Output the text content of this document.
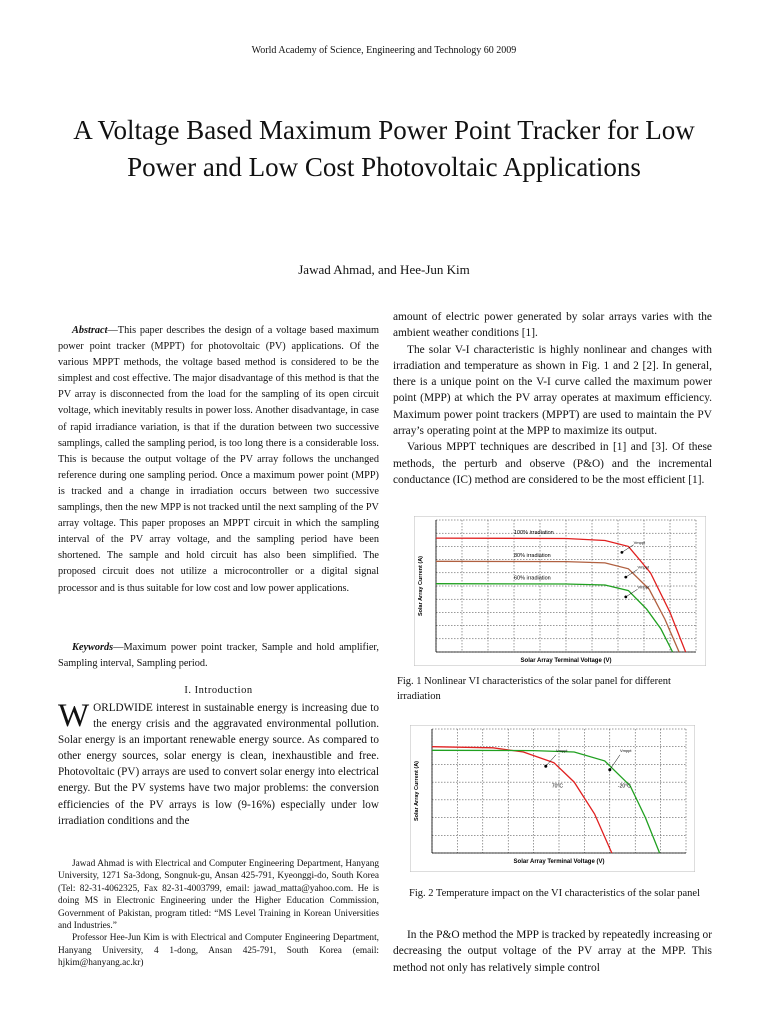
World Academy of Science, Engineering and Technology 60 2009
A Voltage Based Maximum Power Point Tracker for Low Power and Low Cost Photovoltaic Applications
Jawad Ahmad, and Hee-Jun Kim

Abstract—This paper describes the design of a voltage based maximum power point tracker (MPPT) for photovoltaic (PV) applications. Of the various MPPT methods, the voltage based method is considered to be the simplest and cost effective. The major disadvantage of this method is that the PV array is disconnected from the load for the sampling of its open circuit voltage, which inevitably results in power loss. Another disadvantage, in case of rapid irradiance variation, is that if the duration between two successive samplings, called the sampling period, is too long there is a considerable loss. This is because the output voltage of the PV array follows the unchanged reference during one sampling period. Once a maximum power point (MPP) is tracked and a change in irradiation occurs between two successive samplings, then the new MPP is not tracked until the next sampling of the PV array voltage. This paper proposes an MPPT circuit in which the sampling interval of the PV array voltage, and the sampling period have been shortened. The sample and hold circuit has also been simplified. The proposed circuit does not utilize a microcontroller or a digital signal processor and is thus suitable for low cost and low power applications.

Keywords—Maximum power point tracker, Sample and hold amplifier, Sampling interval, Sampling period.

I. Introduction

WORLDWIDE interest in sustainable energy is increasing due to the energy crisis and the aggravated environmental pollution. Solar energy is an important renewable energy source. As compared to other energy sources, solar energy is clean, inexhaustible and free. Photovoltaic (PV) arrays are used to convert solar energy into electrical energy. But the PV systems have two major problems: the conversion efficiencies of the PV arrays is low (9-16%) especially under low irradiation conditions and the

Jawad Ahmad is with Electrical and Computer Engineering Department, Hanyang University, 1271 Sa-3dong, Songnuk-gu, Ansan 425-791, Kyeonggi-do, South Korea (Tel: 82-31-4062325, Fax 82-31-4003799, email: jawad_matta@yahoo.com. He is doing MS in Electronic Engineering under the Higher Education Commission, Government of Pakistan, program titled: “MS Level Training in Korean Universities and Industries.”

Professor Hee-Jun Kim is with Electrical and Computer Engineering Department, Hanyang University, 4 1-dong, Ansan 425-791, South Korea (email: hjkim@hanyang.ac.kr)

amount of electric power generated by solar arrays varies with the ambient weather conditions [1].

The solar V-I characteristic is highly nonlinear and changes with irradiation and temperature as shown in Fig. 1 and 2 [2]. In general, there is a unique point on the V-I curve called the maximum power point (MPP) at which the PV array operates at maximum efficiency. Maximum power point trackers (MPPT) are used to maintain the PV array’s operating point at the MPP to maximize its output.

Various MPPT techniques are described in [1] and [3]. Of these methods, the perturb and observe (P&O) and the incremental conductance (IC) method are considered to be the most efficient [1].

Solar Array Terminal Voltage (V)
Solar Array Current (A)
100% irradiation
80% irradiation
60% irradiation
Vmppt
Vmppt
Vmppt
Fig. 1 Nonlinear VI characteristics of the solar panel for different irradiation
Solar Array Terminal Voltage (V)
Solar Array Current (A)
Vmppt	Vmppt
70°C	-20°C
Fig. 2 Temperature impact on the VI characteristics of the solar panel

In the P&O method the MPP is tracked by repeatedly increasing or decreasing the output voltage of the PV array at the MPP. This method not only has relatively simple control
